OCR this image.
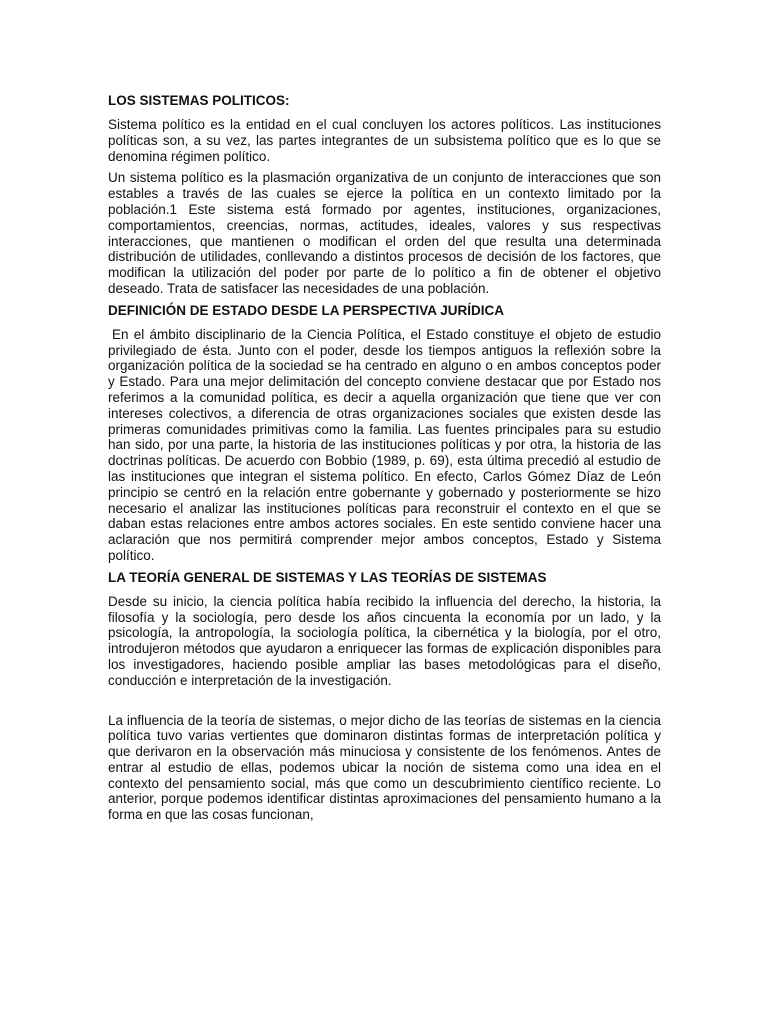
LOS SISTEMAS POLITICOS:

Sistema político es la entidad en el cual concluyen los actores políticos. Las instituciones políticas son, a su vez, las partes integrantes de un subsistema político que es lo que se denomina régimen político.

Un sistema político es la plasmación organizativa de un conjunto de interacciones que son estables a través de las cuales se ejerce la política en un contexto limitado por la población.1 Este sistema está formado por agentes, instituciones, organizaciones, comportamientos, creencias, normas, actitudes, ideales, valores y sus respectivas interacciones, que mantienen o modifican el orden del que resulta una determinada distribución de utilidades, conllevando a distintos procesos de decisión de los factores, que modifican la utilización del poder por parte de lo político a fin de obtener el objetivo deseado. Trata de satisfacer las necesidades de una población.

DEFINICIÓN DE ESTADO DESDE LA PERSPECTIVA JURÍDICA

En el ámbito disciplinario de la Ciencia Política, el Estado constituye el objeto de estudio privilegiado de ésta. Junto con el poder, desde los tiempos antiguos la reflexión sobre la organización política de la sociedad se ha centrado en alguno o en ambos conceptos poder y Estado. Para una mejor delimitación del concepto conviene destacar que por Estado nos referimos a la comunidad política, es decir a aquella organización que tiene que ver con intereses colectivos, a diferencia de otras organizaciones sociales que existen desde las primeras comunidades primitivas como la familia. Las fuentes principales para su estudio han sido, por una parte, la historia de las instituciones políticas y por otra, la historia de las doctrinas políticas. De acuerdo con Bobbio (1989, p. 69), esta última precedió al estudio de las instituciones que integran el sistema político. En efecto, Carlos Gómez Díaz de León principio se centró en la relación entre gobernante y gobernado y posteriormente se hizo necesario el analizar las instituciones políticas para reconstruir el contexto en el que se daban estas relaciones entre ambos actores sociales. En este sentido conviene hacer una aclaración que nos permitirá comprender mejor ambos conceptos, Estado y Sistema político.

LA TEORÍA GENERAL DE SISTEMAS Y LAS TEORÍAS DE SISTEMAS

Desde su inicio, la ciencia política había recibido la influencia del derecho, la historia, la filosofía y la sociología, pero desde los años cincuenta la economía por un lado, y la psicología, la antropología, la sociología política, la cibernética y la biología, por el otro, introdujeron métodos que ayudaron a enriquecer las formas de explicación disponibles para los investigadores, haciendo posible ampliar las bases metodológicas para el diseño, conducción e interpretación de la investigación.

La influencia de la teoría de sistemas, o mejor dicho de las teorías de sistemas en la ciencia política tuvo varias vertientes que dominaron distintas formas de interpretación política y que derivaron en la observación más minuciosa y consistente de los fenómenos. Antes de entrar al estudio de ellas, podemos ubicar la noción de sistema como una idea en el contexto del pensamiento social, más que como un descubrimiento científico reciente. Lo anterior, porque podemos identificar distintas aproximaciones del pensamiento humano a la forma en que las cosas funcionan,
